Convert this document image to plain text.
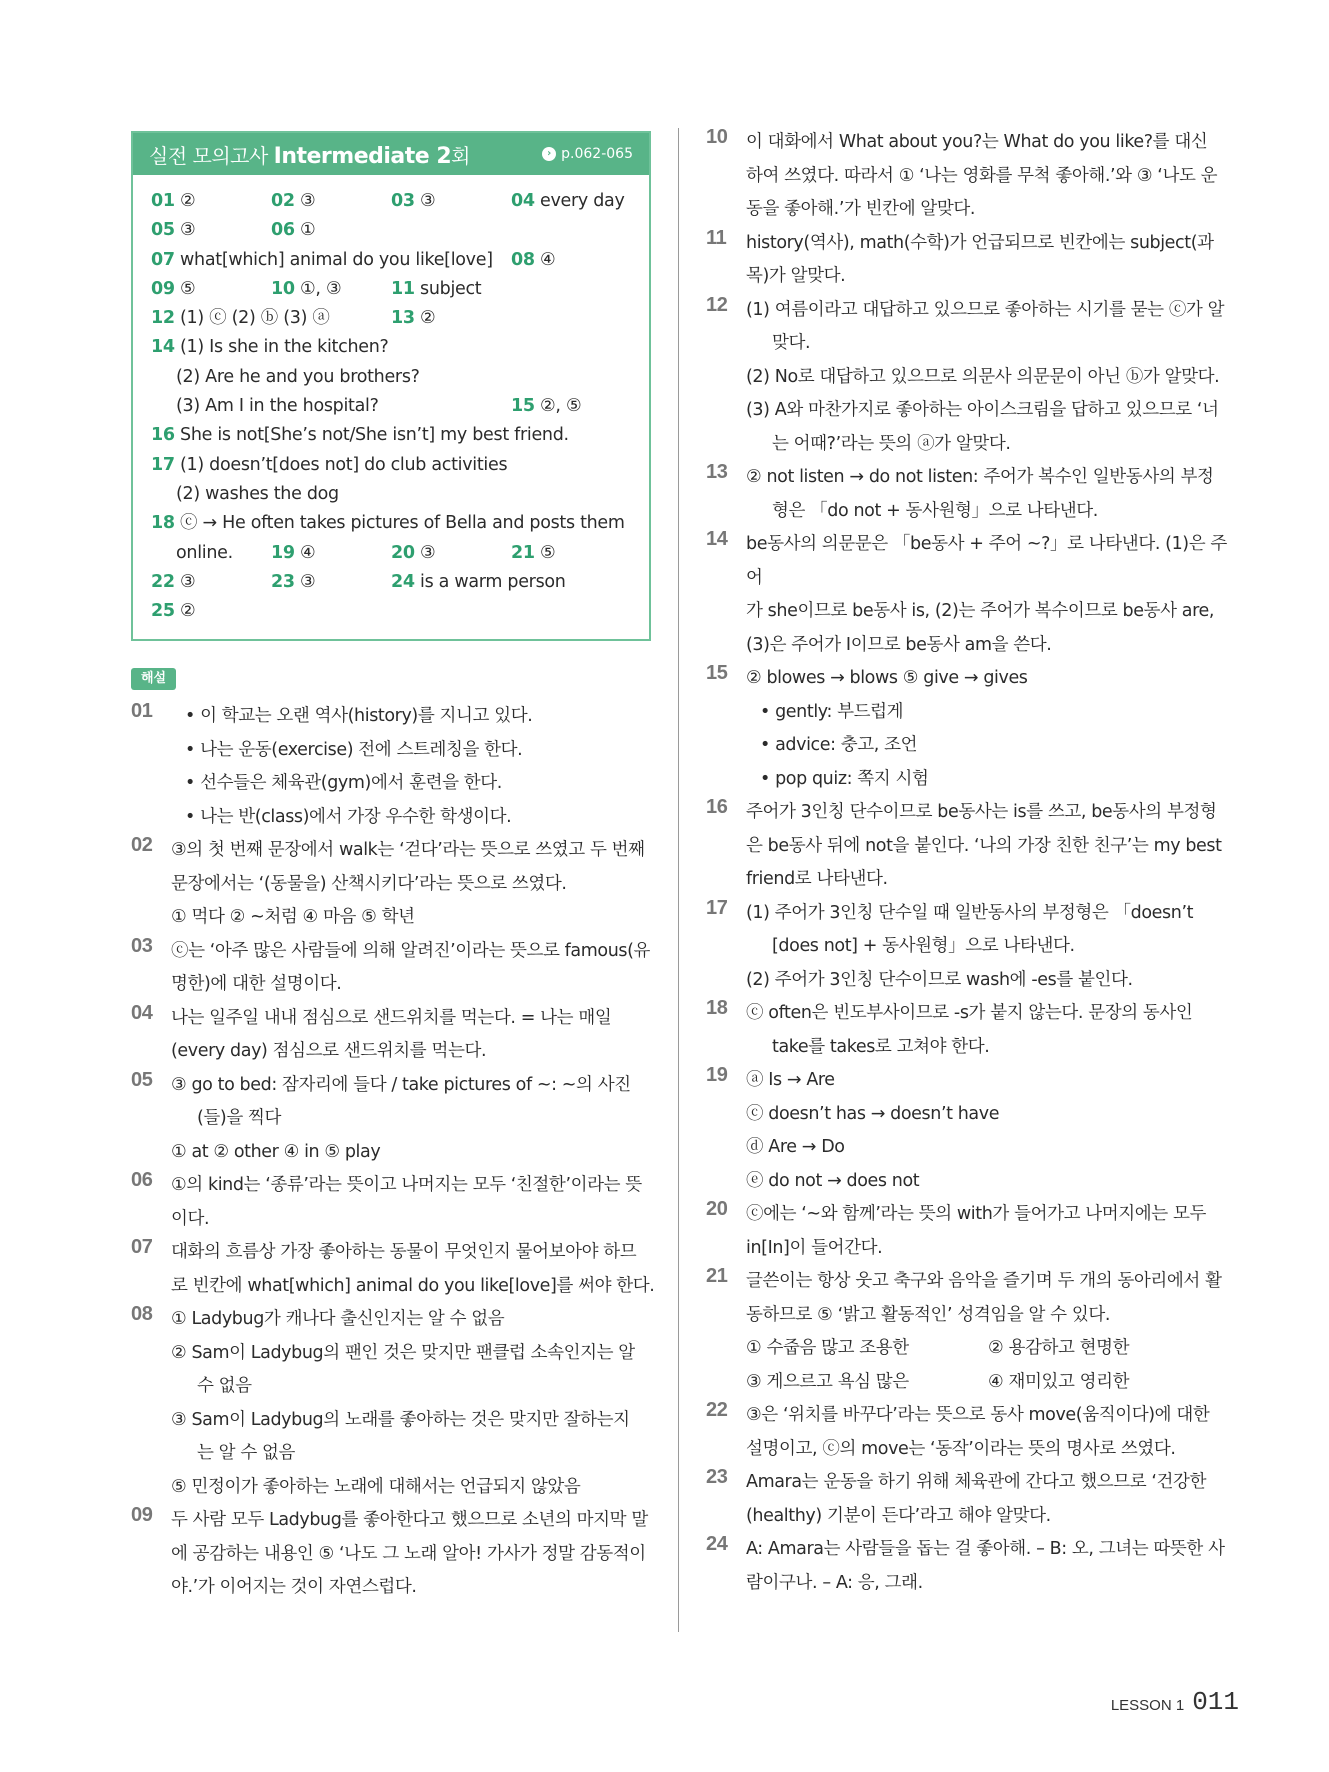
실전 모의고사 Intermediate 2회	› p.062-065
01 ②	02 ③	03 ③	04 every day
05 ③	06 ①
07 what[which] animal do you like[love] 08 ④
09 ⑤	10 ①, ③	11 subject
12 (1) ⓒ (2) ⓑ (3) ⓐ	13 ②
14 (1) Is she in the kitchen?
(2) Are he and you brothers?
(3) Am I in the hospital?	15 ②, ⑤
16 She is not[She’s not/She isn’t] my best friend.
17 (1) doesn’t[does not] do club activities
(2) washes the dog
18 ⓒ → He often takes pictures of Bella and posts them
online. 19 ④	20 ③	21 ⑤
22 ③	23 ③	24 is a warm person
25 ②
해설
01	• 이 학교는 오랜 역사(history)를 지니고 있다.
• 나는 운동(exercise) 전에 스트레칭을 한다.
• 선수들은 체육관(gym)에서 훈련을 한다.
• 나는 반(class)에서 가장 우수한 학생이다.
02 ③의 첫 번째 문장에서 walk는 ‘걷다’라는 뜻으로 쓰였고 두 번째
문장에서는 ‘(동물을) 산책시키다’라는 뜻으로 쓰였다.
① 먹다 ② ~처럼 ④ 마음 ⑤ 학년
03 ⓒ는 ‘아주 많은 사람들에 의해 알려진’이라는 뜻으로 famous(유
명한)에 대한 설명이다.
04 나는 일주일 내내 점심으로 샌드위치를 먹는다. = 나는 매일
(every day) 점심으로 샌드위치를 먹는다.
05 ③ go to bed: 잠자리에 들다 / take pictures of ~: ~의 사진
(들)을 찍다
① at ② other ④ in ⑤ play
06 ①의 kind는 ‘종류’라는 뜻이고 나머지는 모두 ‘친절한’이라는 뜻
이다.
07 대화의 흐름상 가장 좋아하는 동물이 무엇인지 물어보아야 하므
로 빈칸에 what[which] animal do you like[love]를 써야 한다.
08 ① Ladybug가 캐나다 출신인지는 알 수 없음
② Sam이 Ladybug의 팬인 것은 맞지만 팬클럽 소속인지는 알
수 없음
③ Sam이 Ladybug의 노래를 좋아하는 것은 맞지만 잘하는지
는 알 수 없음
⑤ 민정이가 좋아하는 노래에 대해서는 언급되지 않았음
09 두 사람 모두 Ladybug를 좋아한다고 했으므로 소년의 마지막 말
에 공감하는 내용인 ⑤ ‘나도 그 노래 알아! 가사가 정말 감동적이
야.’가 이어지는 것이 자연스럽다.
10 이 대화에서 What about you?는 What do you like?를 대신
하여 쓰였다. 따라서 ① ‘나는 영화를 무척 좋아해.’와 ③ ‘나도 운
동을 좋아해.’가 빈칸에 알맞다.
11 history(역사), math(수학)가 언급되므로 빈칸에는 subject(과
목)가 알맞다.
12 (1) 여름이라고 대답하고 있으므로 좋아하는 시기를 묻는 ⓒ가 알
맞다.
(2) No로 대답하고 있으므로 의문사 의문문이 아닌 ⓑ가 알맞다.
(3) A와 마찬가지로 좋아하는 아이스크림을 답하고 있으므로 ‘너
는 어때?’라는 뜻의 ⓐ가 알맞다.
13 ② not listen → do not listen: 주어가 복수인 일반동사의 부정
형은 「do not + 동사원형」으로 나타낸다.
14 be동사의 의문문은 「be동사 + 주어 ~?」로 나타낸다. (1)은 주어
가 she이므로 be동사 is, (2)는 주어가 복수이므로 be동사 are,
(3)은 주어가 I이므로 be동사 am을 쓴다.
15 ② blowes → blows ⑤ give → gives
• gently: 부드럽게
• advice: 충고, 조언
• pop quiz: 쪽지 시험
16 주어가 3인칭 단수이므로 be동사는 is를 쓰고, be동사의 부정형
은 be동사 뒤에 not을 붙인다. ‘나의 가장 친한 친구’는 my best
friend로 나타낸다.
17 (1) 주어가 3인칭 단수일 때 일반동사의 부정형은 「doesn’t
[does not] + 동사원형」으로 나타낸다.
(2) 주어가 3인칭 단수이므로 wash에 -es를 붙인다.
18 ⓒ often은 빈도부사이므로 -s가 붙지 않는다. 문장의 동사인
take를 takes로 고쳐야 한다.
19 ⓐ Is → Are
ⓒ doesn’t has → doesn’t have
ⓓ Are → Do
ⓔ do not → does not
20 ⓒ에는 ‘~와 함께’라는 뜻의 with가 들어가고 나머지에는 모두
in[In]이 들어간다.
21 글쓴이는 항상 웃고 축구와 음악을 즐기며 두 개의 동아리에서 활
동하므로 ⑤ ‘밝고 활동적인’ 성격임을 알 수 있다.
① 수줍음 많고 조용한	② 용감하고 현명한
③ 게으르고 욕심 많은	④ 재미있고 영리한
22 ③은 ‘위치를 바꾸다’라는 뜻으로 동사 move(움직이다)에 대한
설명이고, ⓒ의 move는 ‘동작’이라는 뜻의 명사로 쓰였다.
23 Amara는 운동을 하기 위해 체육관에 간다고 했으므로 ‘건강한
(healthy) 기분이 든다’라고 해야 알맞다.
24 A: Amara는 사람들을 돕는 걸 좋아해. – B: 오, 그녀는 따뜻한 사
람이구나. – A: 응, 그래.
LESSON 1 011
